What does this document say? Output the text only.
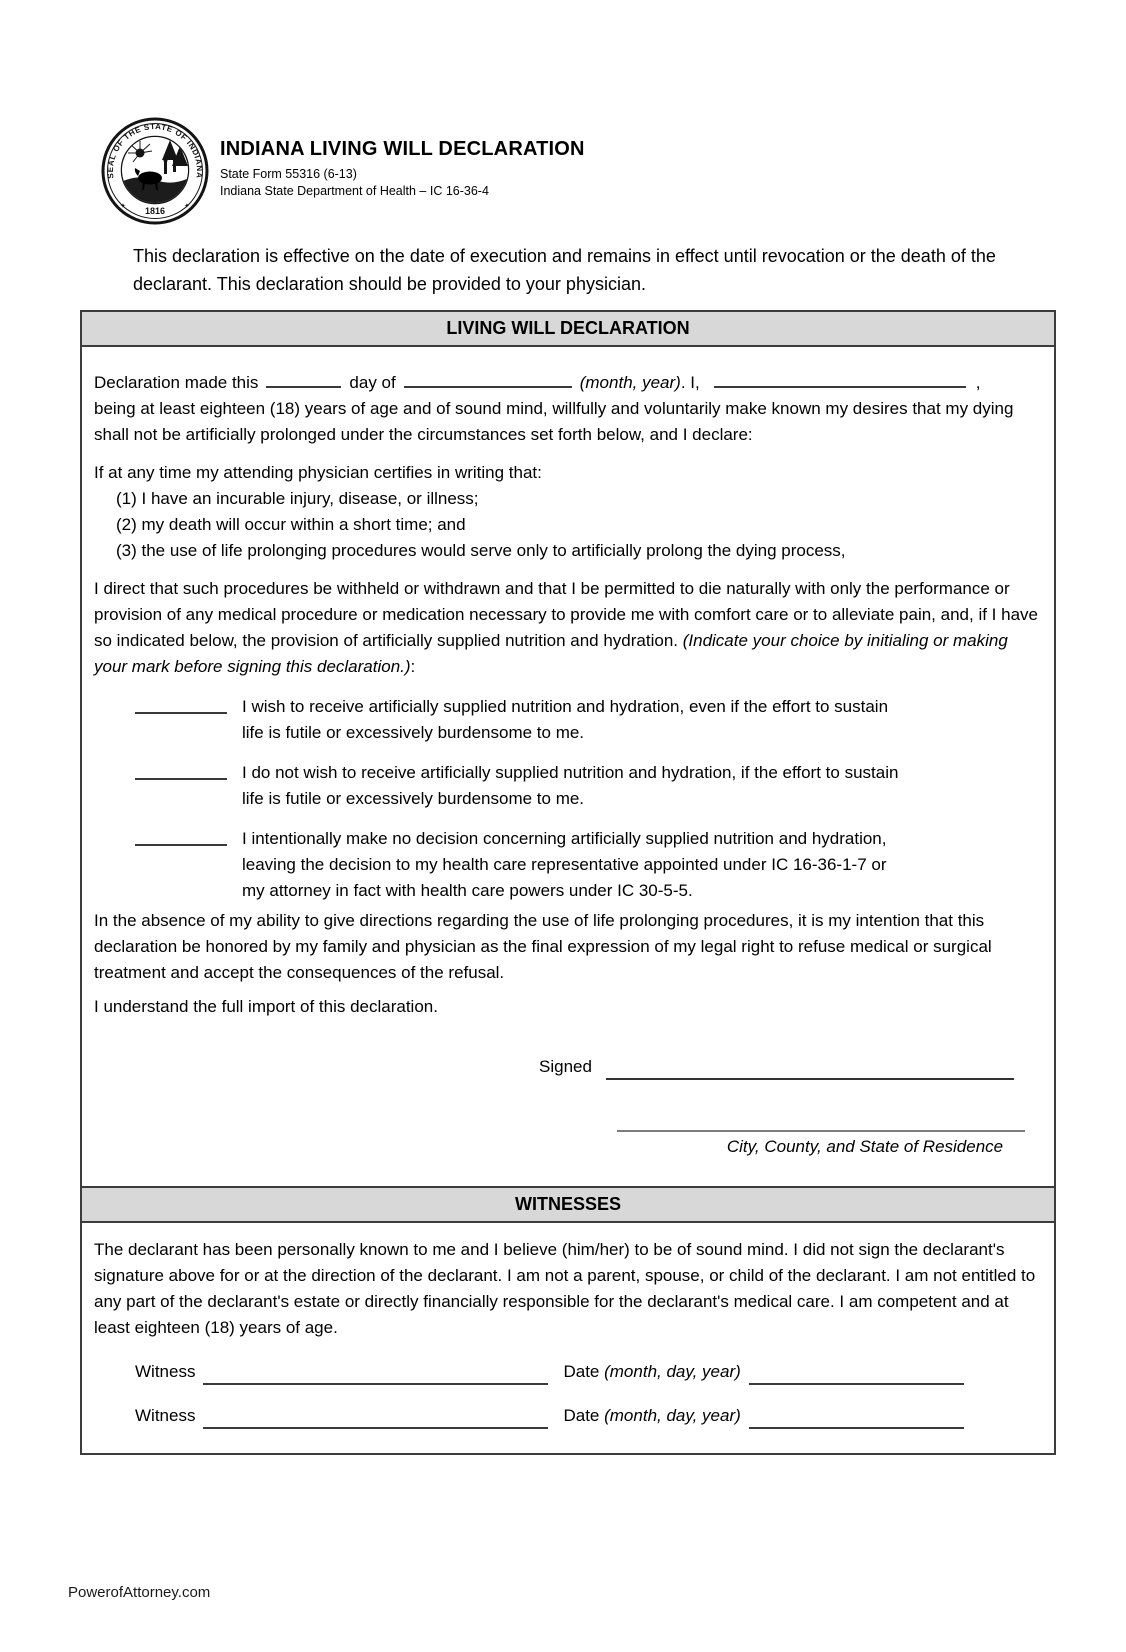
SEAL OF THE STATE OF INDIANA
1816
✦	✦
INDIANA LIVING WILL DECLARATION
State Form 55316 (6-13)
Indiana State Department of Health – IC 16-36-4
This declaration is effective on the date of execution and remains in effect until revocation or the death of the declarant. This declaration should be provided to your physician.
LIVING WILL DECLARATION
Declaration made this	day of	(month, year). I,	,
being at least eighteen (18) years of age and of sound mind, willfully and voluntarily make known my desires that my dying shall not be artificially prolonged under the circumstances set forth below, and I declare:
If at any time my attending physician certifies in writing that:
(1) I have an incurable injury, disease, or illness;
(2) my death will occur within a short time; and
(3) the use of life prolonging procedures would serve only to artificially prolong the dying process,
I direct that such procedures be withheld or withdrawn and that I be permitted to die naturally with only the performance or provision of any medical procedure or medication necessary to provide me with comfort care or to alleviate pain, and, if I have so indicated below, the provision of artificially supplied nutrition and hydration. (Indicate your choice by initialing or making your mark before signing this declaration.):
I wish to receive artificially supplied nutrition and hydration, even if the effort to sustain
life is futile or excessively burdensome to me.
I do not wish to receive artificially supplied nutrition and hydration, if the effort to sustain
life is futile or excessively burdensome to me.
I intentionally make no decision concerning artificially supplied nutrition and hydration,
leaving the decision to my health care representative appointed under IC 16-36-1-7 or
my attorney in fact with health care powers under IC 30-5-5.
In the absence of my ability to give directions regarding the use of life prolonging procedures, it is my intention that this declaration be honored by my family and physician as the final expression of my legal right to refuse medical or surgical treatment and accept the consequences of the refusal.
I understand the full import of this declaration.
Signed
City, County, and State of Residence
WITNESSES
The declarant has been personally known to me and I believe (him/her) to be of sound mind. I did not sign the declarant's signature above for or at the direction of the declarant. I am not a parent, spouse, or child of the declarant. I am not entitled to any part of the declarant's estate or directly financially responsible for the declarant's medical care. I am competent and at least eighteen (18) years of age.
Witness	Date (month, day, year)
Witness	Date (month, day, year)
PowerofAttorney.com
